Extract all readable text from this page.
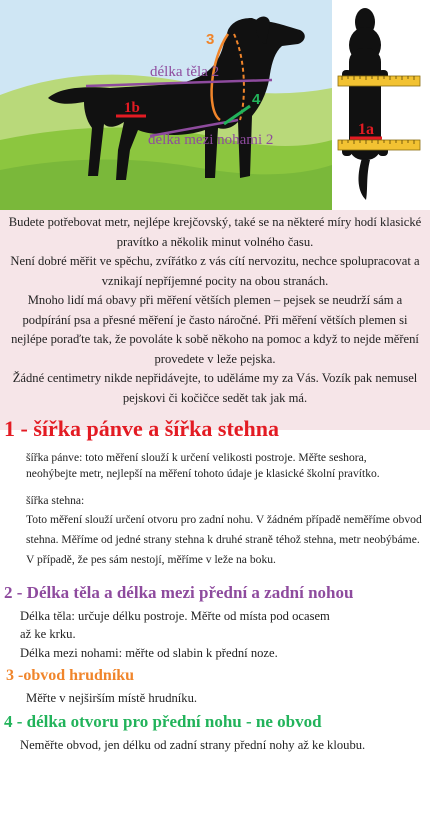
3
délka těla 2
1b	4
délka mezi nohami 2
1a

Budete potřebovat metr, nejlépe krejčovský, také se na některé míry hodí klasické pravítko a několik minut volného času.

Není dobré měřit ve spěchu, zvířátko z vás cítí nervozitu, nechce spolupracovat a vznikají nepříjemné pocity na obou stranách.

Mnoho lidí má obavy při měření větších plemen – pejsek se neudrží sám a podpírání psa a přesné měření je často náročné. Při měření větších plemen si nejlépe poraďte tak, že povoláte k sobě někoho na pomoc a když to nejde měření provedete v leže pejska.

Žádné centimetry nikde nepřidávejte, to uděláme my za Vás. Vozík pak nemusel pejskovi či kočičce sedět tak jak má.

1 - šířka pánve a šířka stehna

šířka pánve: toto měření slouží k určení velikosti postroje. Měřte seshora, neohýbejte metr, nejlepší na měření tohoto údaje je klasické školní pravítko.

šířka stehna:

Toto měření slouží určení otvoru pro zadní nohu. V žádném případě neměříme obvod stehna. Měříme od jedné strany stehna k druhé straně téhož stehna, metr neobýbáme. V případě, že pes sám nestojí, měříme v leže na boku.

2 - Délka těla a délka mezi přední a zadní nohou

Délka těla: určuje délku postroje. Měřte od místa pod ocasem až ke krku.

Délka mezi nohami: měřte od slabin k přední noze.

3 -obvod hrudníku

Měřte v nejširším místě hrudníku.

4 - délka otvoru pro přední nohu - ne obvod

Neměřte obvod, jen délku od zadní strany přední nohy až ke kloubu.
